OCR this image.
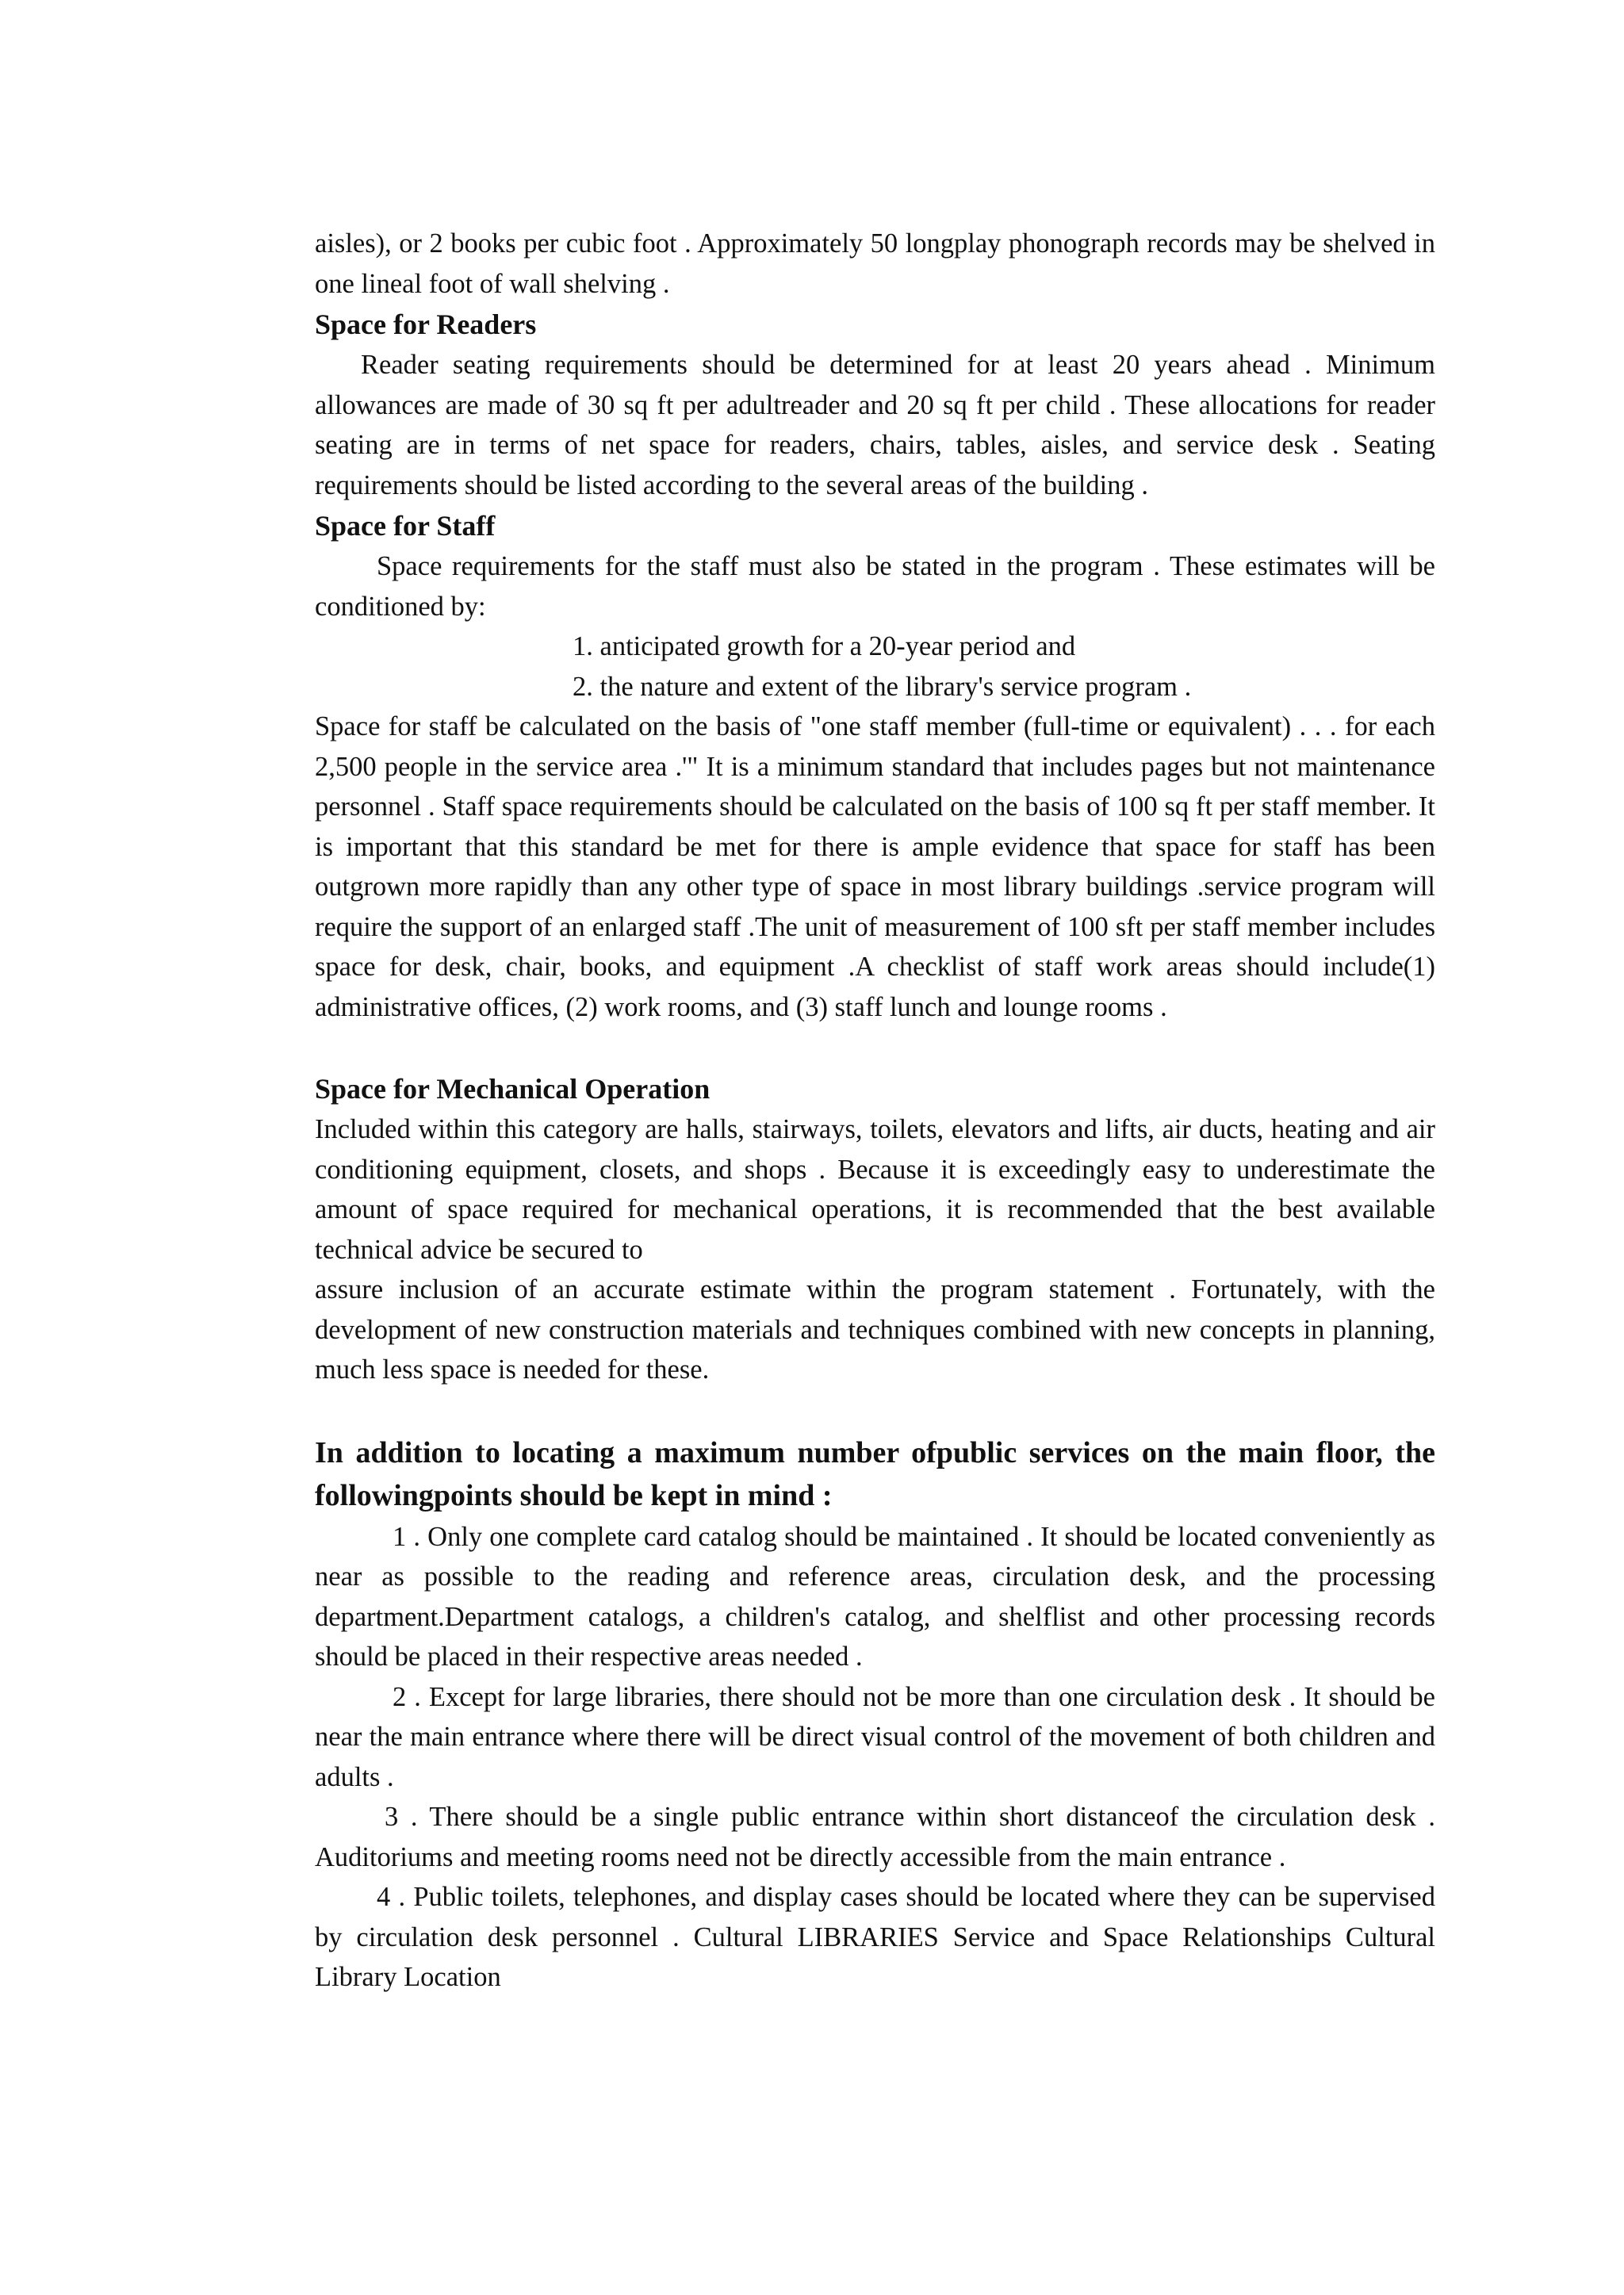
aisles), or 2 books per cubic foot . Approximately 50 longplay phonograph records may be shelved in one lineal foot of wall shelving .

Space for Readers

Reader seating requirements should be determined for at least 20 years ahead . Minimum allowances are made of 30 sq ft per adultreader and 20 sq ft per child . These allocations for reader seating are in terms of net space for readers, chairs, tables, aisles, and service desk . Seating requirements should be listed according to the several areas of the building .

Space for Staff

Space requirements for the staff must also be stated in the program . These estimates will be conditioned by:

1. anticipated growth for a 20-year period and
2. the nature and extent of the library's service program .

Space for staff be calculated on the basis of "one staff member (full-time or equivalent) . . . for each 2,500 people in the service area .'" It is a minimum standard that includes pages but not maintenance personnel . Staff space requirements should be calculated on the basis of 100 sq ft per staff member. It is important that this standard be met for there is ample evidence that space for staff has been outgrown more rapidly than any other type of space in most library buildings .service program will require the support of an enlarged staff .The unit of measurement of 100 sft per staff member includes space for desk, chair, books, and equipment .A checklist of staff work areas should include(1) administrative offices, (2) work rooms, and (3) staff lunch and lounge rooms .

Space for Mechanical Operation

Included within this category are halls, stairways, toilets, elevators and lifts, air ducts, heating and air conditioning equipment, closets, and shops . Because it is exceedingly easy to underestimate the amount of space required for mechanical operations, it is recommended that the best available technical advice be secured to

assure inclusion of an accurate estimate within the program statement . Fortunately, with the development of new construction materials and techniques combined with new concepts in planning, much less space is needed for these.

In addition to locating a maximum number ofpublic services on the main floor, the followingpoints should be kept in mind :

1 . Only one complete card catalog should be maintained . It should be located conveniently as near as possible to the reading and reference areas, circulation desk, and the processing department.Department catalogs, a children's catalog, and shelflist and other processing records should be placed in their respective areas needed .

2 . Except for large libraries, there should not be more than one circulation desk . It should be near the main entrance where there will be direct visual control of the movement of both children and adults .

3 . There should be a single public entrance within short distanceof the circulation desk . Auditoriums and meeting rooms need not be directly accessible from the main entrance .

4 . Public toilets, telephones, and display cases should be located where they can be supervised by circulation desk personnel . Cultural LIBRARIES Service and Space Relationships Cultural Library Location
